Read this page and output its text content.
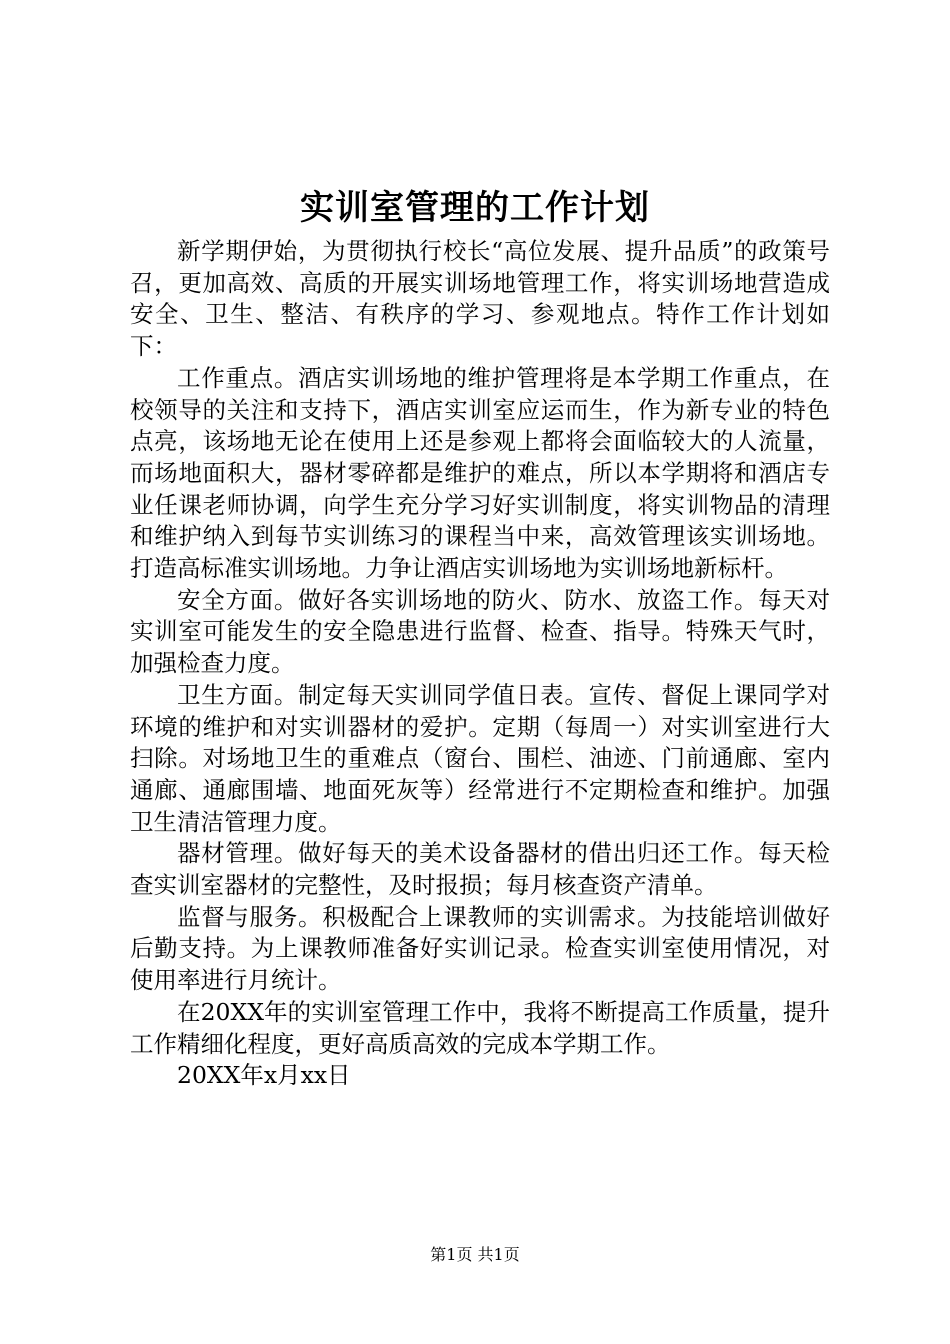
实训室管理的工作计划

新学期伊始，为贯彻执行校长“高位发展、提升品质”的政策号召，更加高效、高质的开展实训场地管理工作，将实训场地营造成安全、卫生、整洁、有秩序的学习、参观地点。特作工作计划如下：

工作重点。酒店实训场地的维护管理将是本学期工作重点，在校领导的关注和支持下，酒店实训室应运而生，作为新专业的特色点亮，该场地无论在使用上还是参观上都将会面临较大的人流量，而场地面积大，器材零碎都是维护的难点，所以本学期将和酒店专业任课老师协调，向学生充分学习好实训制度，将实训物品的清理和维护纳入到每节实训练习的课程当中来，高效管理该实训场地。打造高标准实训场地。力争让酒店实训场地为实训场地新标杆。

安全方面。做好各实训场地的防火、防水、放盗工作。每天对实训室可能发生的安全隐患进行监督、检查、指导。特殊天气时，加强检查力度。

卫生方面。制定每天实训同学值日表。宣传、督促上课同学对环境的维护和对实训器材的爱护。定期（每周一）对实训室进行大扫除。对场地卫生的重难点（窗台、围栏、油迹、门前通廊、室内通廊、通廊围墙、地面死灰等）经常进行不定期检查和维护。加强卫生清洁管理力度。

器材管理。做好每天的美术设备器材的借出归还工作。每天检查实训室器材的完整性，及时报损；每月核查资产清单。

监督与服务。积极配合上课教师的实训需求。为技能培训做好后勤支持。为上课教师准备好实训记录。检查实训室使用情况，对使用率进行月统计。

在20XX年的实训室管理工作中，我将不断提高工作质量，提升工作精细化程度，更好高质高效的完成本学期工作。

20XX年x月xx日

第1页 共1页
